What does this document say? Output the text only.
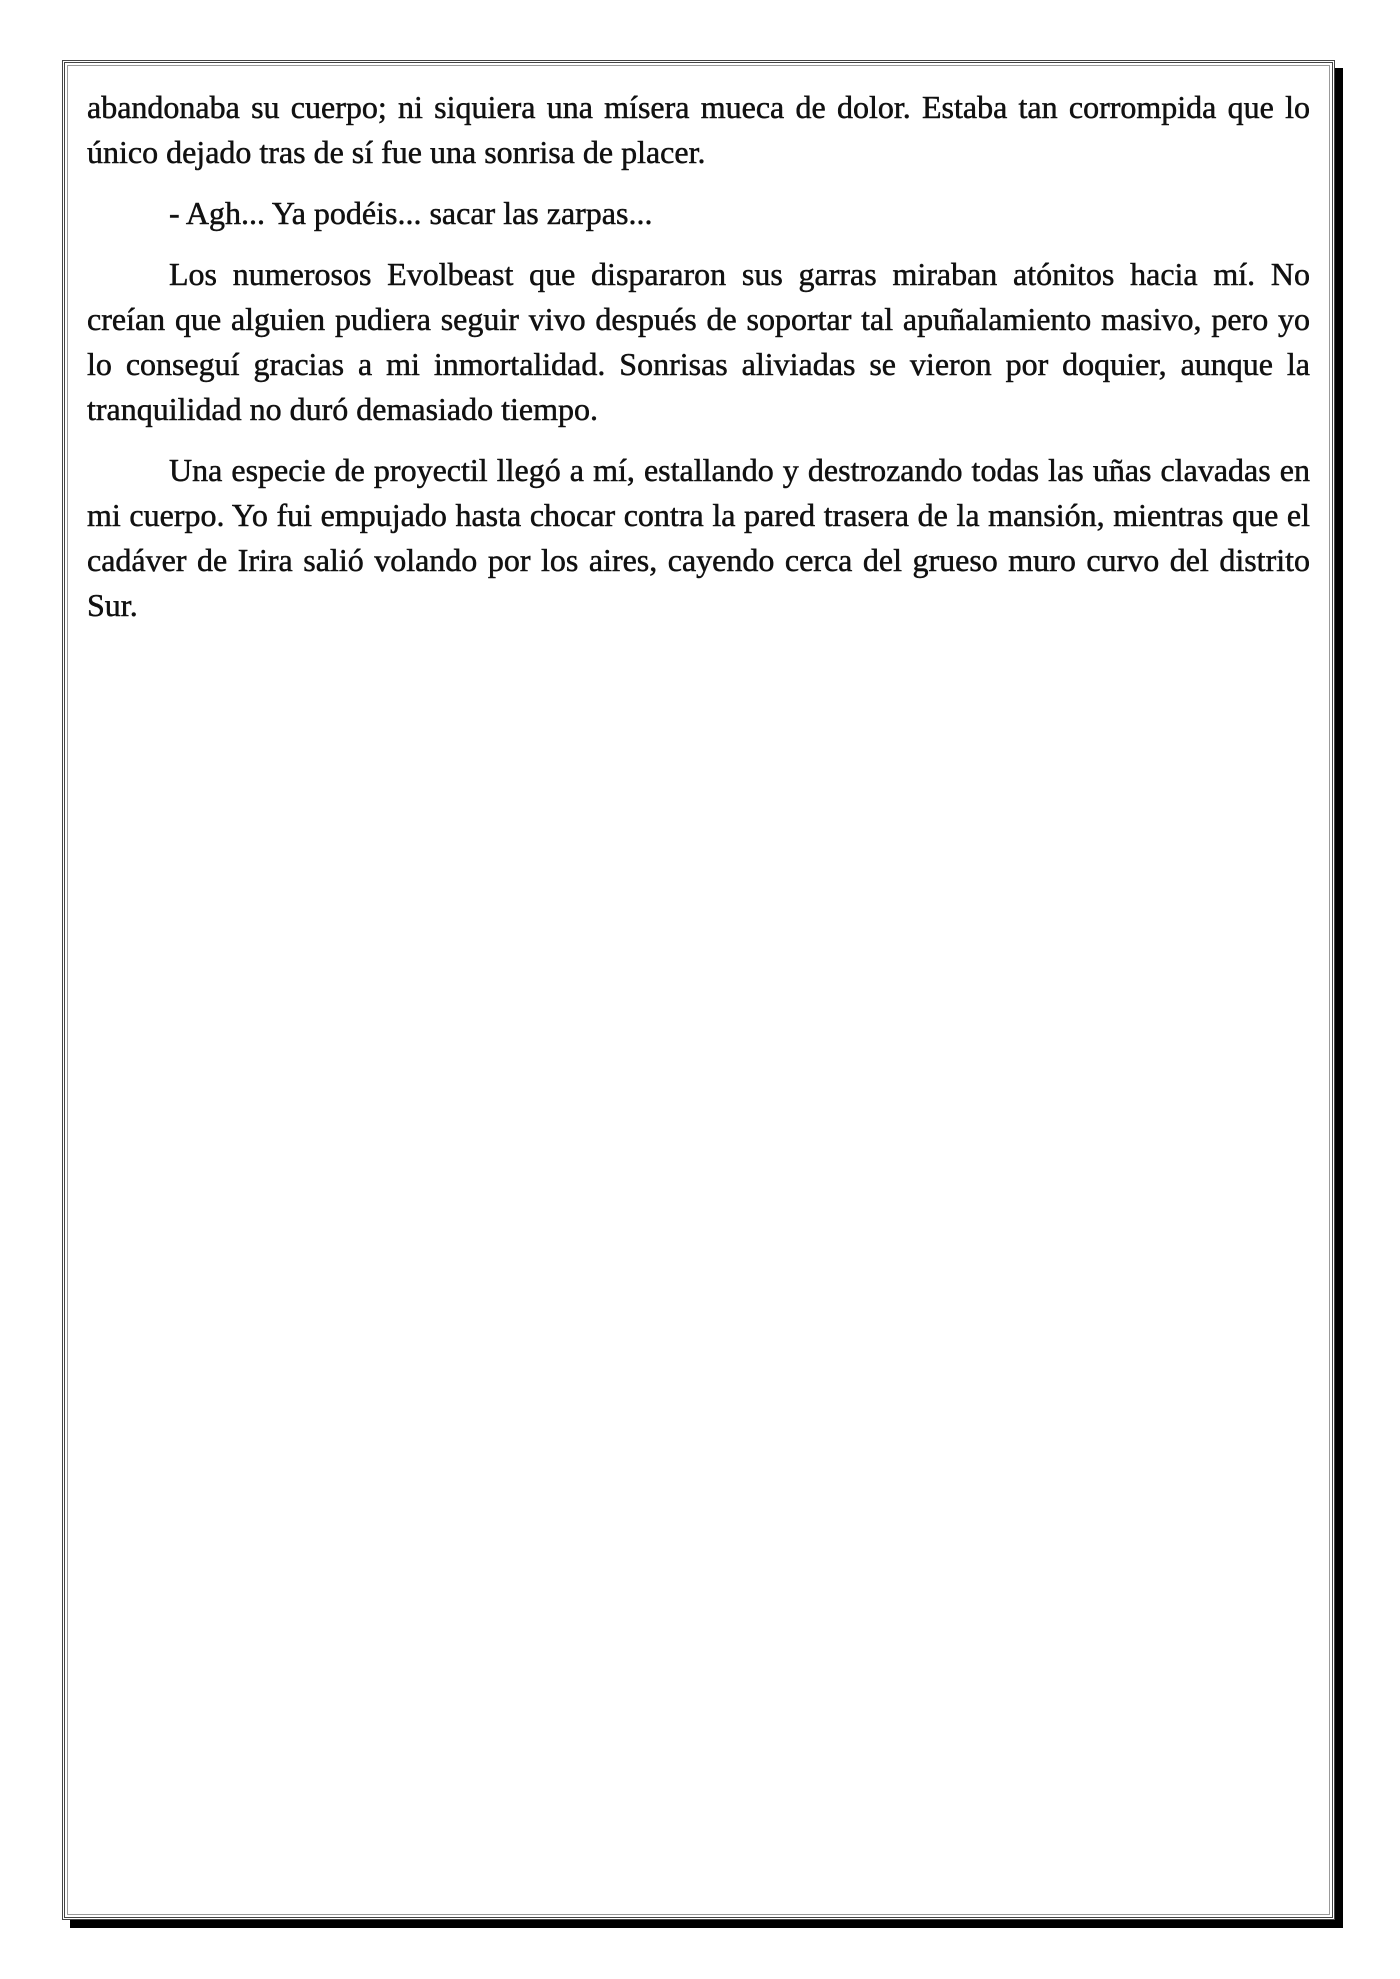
abandonaba su cuerpo; ni siquiera una mísera mueca de dolor. Estaba tan corrompida que lo único dejado tras de sí fue una sonrisa de placer.

- Agh... Ya podéis... sacar las zarpas...

Los numerosos Evolbeast que dispararon sus garras miraban atónitos hacia mí. No creían que alguien pudiera seguir vivo después de soportar tal apuñalamiento masivo, pero yo lo conseguí gracias a mi inmortalidad. Sonrisas aliviadas se vieron por doquier, aunque la tranquilidad no duró demasiado tiempo.

Una especie de proyectil llegó a mí, estallando y destrozando todas las uñas clavadas en mi cuerpo. Yo fui empujado hasta chocar contra la pared trasera de la mansión, mientras que el cadáver de Irira salió volando por los aires, cayendo cerca del grueso muro curvo del distrito Sur.
